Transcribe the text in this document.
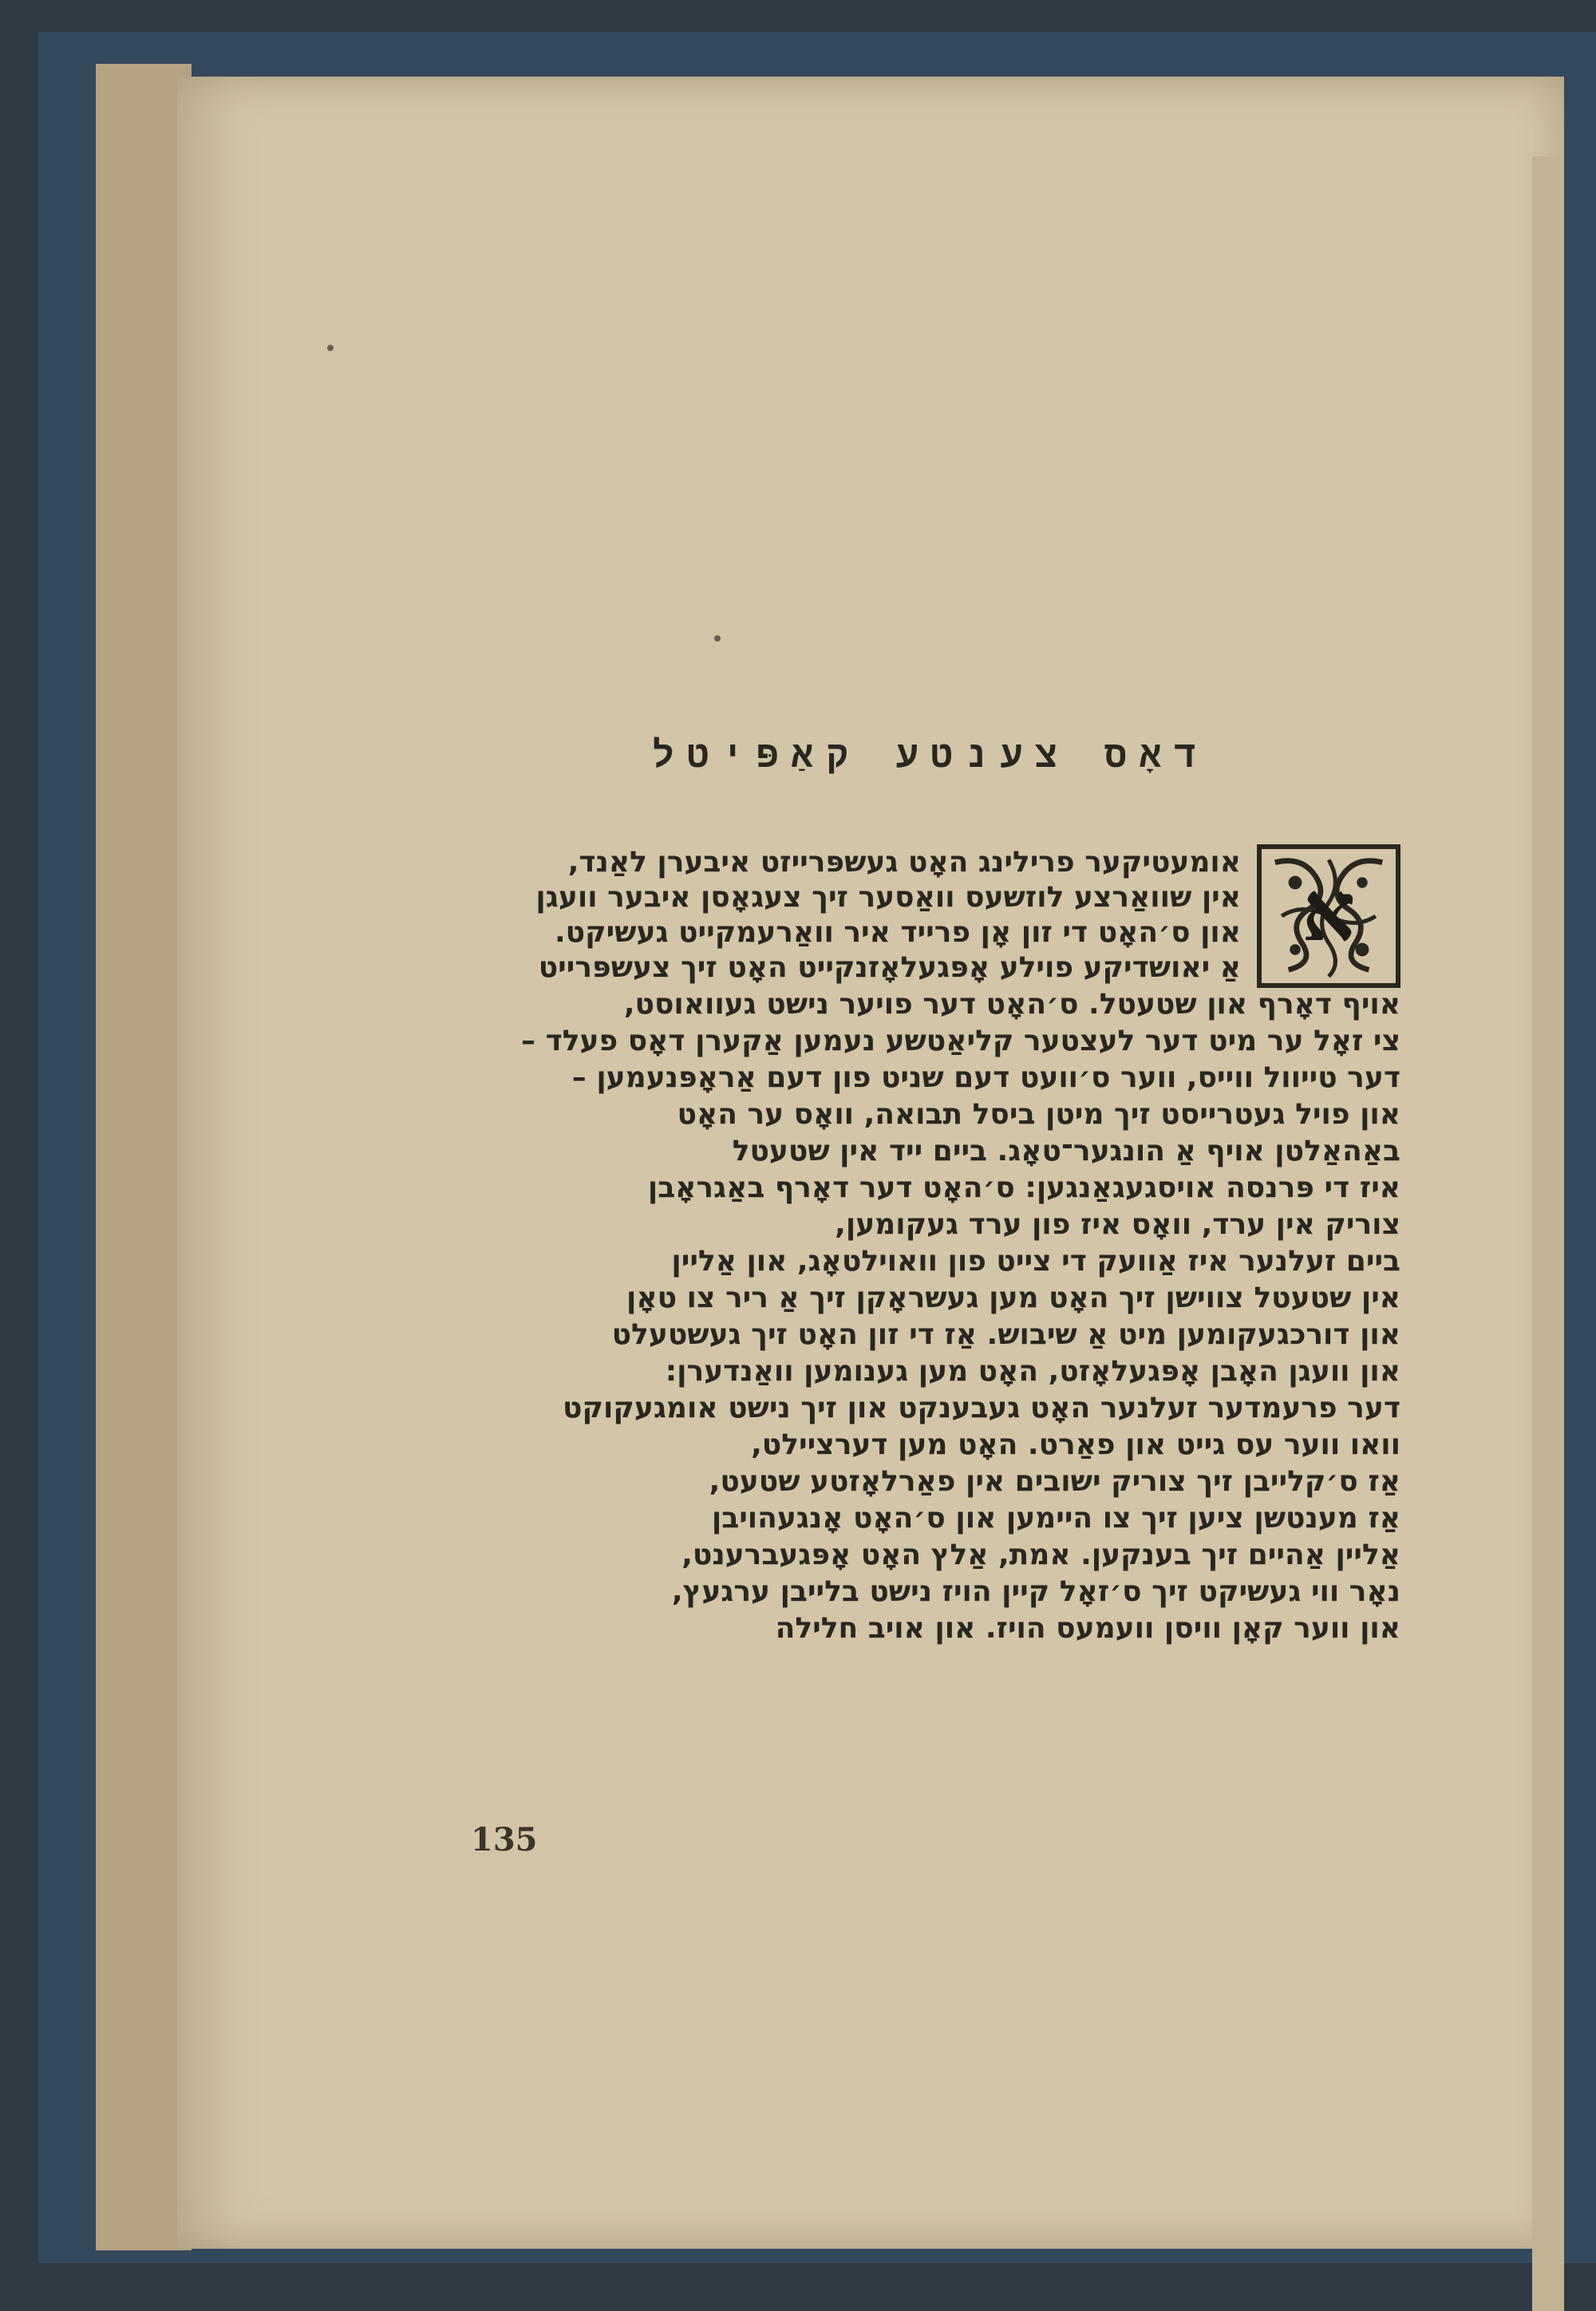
דאָס צענטע קאַפּיטל
א
אומעטיקער פרילינג האָט געשפּרייזט איבערן לאַנד,
אין שוואַרצע לוזשעס וואַסער זיך צעגאָסן איבער וועגן
און ס׳האָט די זון אָן פרייד איר וואַרעמקייט געשיקט.
אַ יאושדיקע פוילע אָפּגעלאָזנקייט האָט זיך צעשפּרייט
אויף דאָרף און שטעטל. ס׳האָט דער פויער נישט געוואוסט,
צי זאָל ער מיט דער לעצטער קליאַטשע נעמען אַקערן דאָס פעלד –
דער טייוול ווייס, ווער ס׳וועט דעם שניט פון דעם אַראָפּנעמען –
און פויל געטרייסט זיך מיטן ביסל תבואה, וואָס ער האָט
באַהאַלטן אויף אַ הונגער־טאָג. ביים ייד אין שטעטל
איז די פּרנסה אויסגעגאַנגען: ס׳האָט דער דאָרף באַגראָבן
צוריק אין ערד, וואָס איז פון ערד געקומען,
ביים זעלנער איז אַוועק די צייט פון וואוילטאָג, און אַליין
אין שטעטל צווישן זיך האָט מען געשראָקן זיך אַ ריר צו טאָן
און דורכגעקומען מיט אַ שיבוש. אַז די זון האָט זיך געשטעלט
און וועגן האָבן אָפּגעלאָזט, האָט מען גענומען וואַנדערן:
דער פרעמדער זעלנער האָט געבענקט און זיך נישט אומגעקוקט
וואו ווער עס גייט און פאַרט. האָט מען דערציילט,
אַז ס׳קלייבן זיך צוריק ישובים אין פאַרלאָזטע שטעט,
אַז מענטשן ציען זיך צו היימען און ס׳האָט אָנגעהויבן
אַליין אַהיים זיך בענקען. אמת, אַלץ האָט אָפּגעברענט,
נאָר ווי געשיקט זיך ס׳זאָל קיין הויז נישט בלייבן ערגעץ,
און ווער קאָן וויסן וועמעס הויז. און אויב חלילה
135
